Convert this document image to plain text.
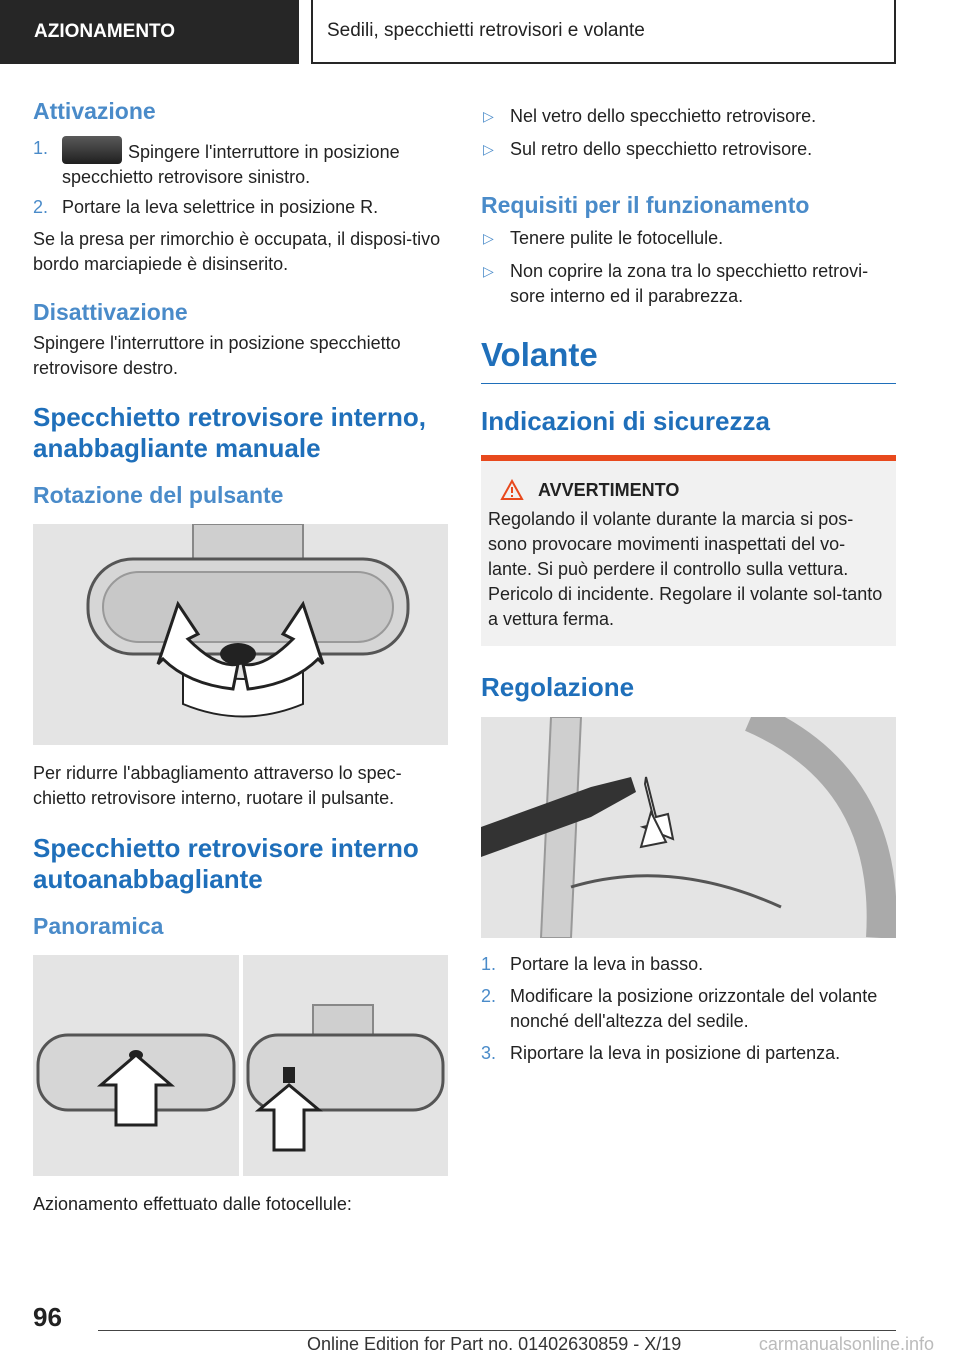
AZIONAMENTO	Sedili, specchietti retrovisori e volante
Attivazione
1.	Spingere l'interruttore in posizione specchietto retrovisore sinistro.
2. Portare la leva selettrice in posizione R.

Se la presa per rimorchio è occupata, il disposi-tivo bordo marciapiede è disinserito.

Disattivazione

Spingere l'interruttore in posizione specchietto retrovisore destro.

Specchietto retrovisore interno, anabbagliante manuale
Rotazione del pulsante

Per ridurre l'abbagliamento attraverso lo spec-chietto retrovisore interno, ruotare il pulsante.

Specchietto retrovisore interno autoanabbagliante
Panoramica

Azionamento effettuato dalle fotocellule:

▷ Nel vetro dello specchietto retrovisore.
▷ Sul retro dello specchietto retrovisore.
Requisiti per il funzionamento
▷ Tenere pulite le fotocellule.
▷ Non coprire la zona tra lo specchietto retrovi-sore interno ed il parabrezza.
Volante
Indicazioni di sicurezza
AVVERTIMENTO

Regolando il volante durante la marcia si pos-sono provocare movimenti inaspettati del vo-lante. Si può perdere il controllo sulla vettura. Pericolo di incidente. Regolare il volante sol-tanto a vettura ferma.

Regolazione
1. Portare la leva in basso.
2. Modificare la posizione orizzontale del volante nonché dell'altezza del sedile.
3. Riportare la leva in posizione di partenza.
96
Online Edition for Part no. 01402630859 - X/19	carmanualsonline.info
